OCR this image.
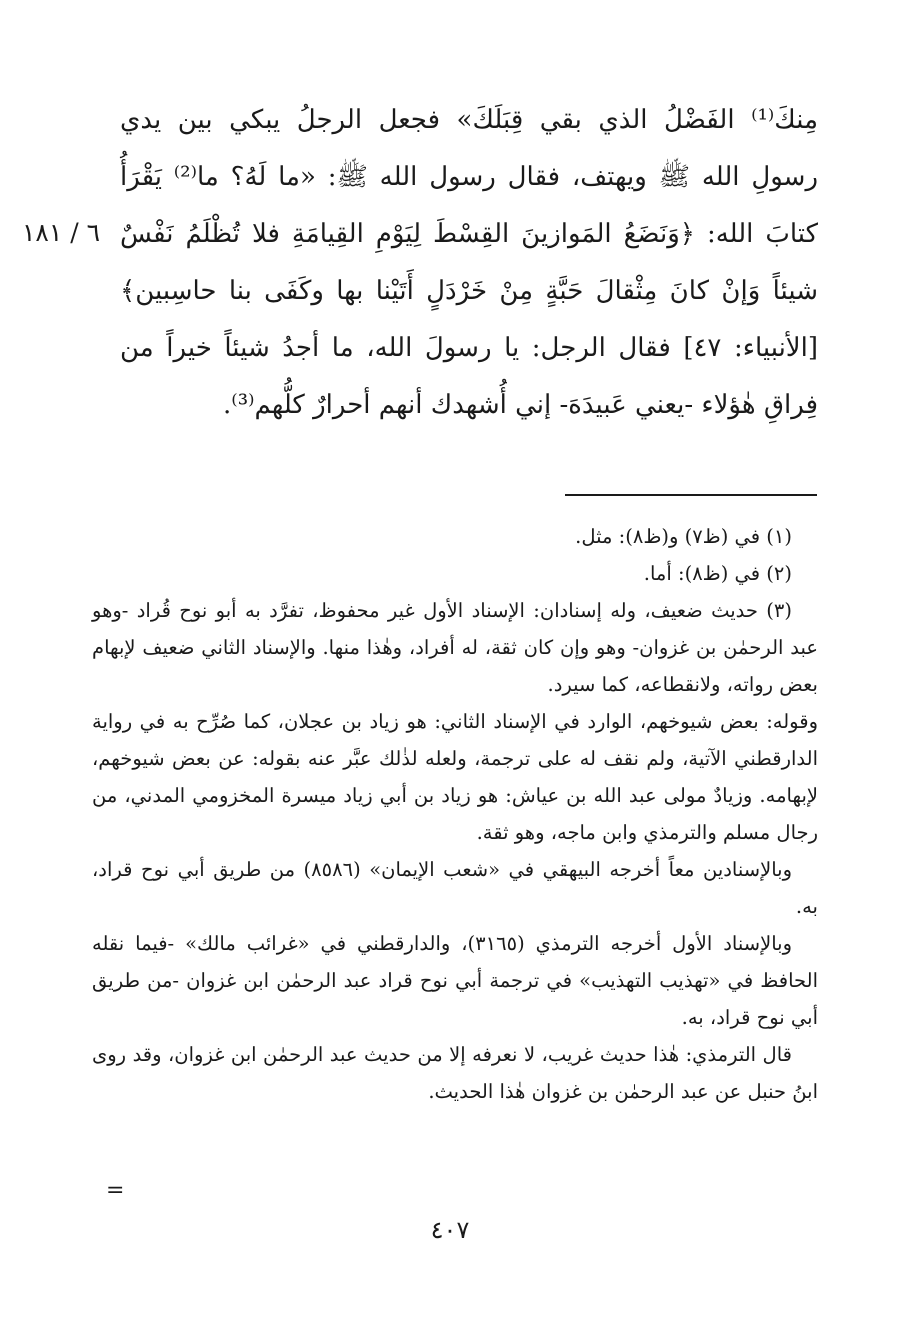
٦ / ١٨١

مِنكَ⁽¹⁾ الفَضْلُ الذي بقي قِبَلَكَ» فجعل الرجلُ يبكي بين يدي رسولِ الله ﷺ ويهتف، فقال رسول الله ﷺ: «ما لَهُ؟ ما⁽²⁾ يَقْرَأُ كتابَ الله: ﴿وَنَضَعُ المَوازينَ القِسْطَ لِيَوْمِ القِيامَةِ فلا تُظْلَمُ نَفْسٌ شيئاً وَإنْ كانَ مِثْقالَ حَبَّةٍ مِنْ خَرْدَلٍ أَتَيْنا بها وكَفَى بنا حاسِبين﴾ [الأنبياء: ٤٧] فقال الرجل: يا رسولَ الله، ما أجدُ شيئاً خيراً من فِراقِ هٰؤلاء -يعني عَبيدَهَ- إني أُشهدك أنهم أحرارٌ كلُّهم⁽³⁾.

(١) في (ظ٧) و(ظ٨): مثل.

(٢) في (ظ٨): أما.

(٣) حديث ضعيف، وله إسنادان: الإسناد الأول غير محفوظ، تفرَّد به أبو نوح قُراد -وهو عبد الرحمٰن بن غزوان- وهو وإن كان ثقة، له أفراد، وهٰذا منها. والإسناد الثاني ضعيف لإبهام بعض رواته، ولانقطاعه، كما سيرد.

وقوله: بعض شيوخهم، الوارد في الإسناد الثاني: هو زياد بن عجلان، كما صُرِّح به في رواية الدارقطني الآتية، ولم نقف له على ترجمة، ولعله لذٰلك عبَّر عنه بقوله: عن بعض شيوخهم، لإبهامه. وزيادٌ مولى عبد الله بن عياش: هو زياد بن أبي زياد ميسرة المخزومي المدني، من رجال مسلم والترمذي وابن ماجه، وهو ثقة.

وبالإسنادين معاً أخرجه البيهقي في «شعب الإيمان» (٨٥٨٦) من طريق أبي نوح قراد، به.

وبالإسناد الأول أخرجه الترمذي (٣١٦٥)، والدارقطني في «غرائب مالك» -فيما نقله الحافظ في «تهذيب التهذيب» في ترجمة أبي نوح قراد عبد الرحمٰن ابن غزوان -من طريق أبي نوح قراد، به.

قال الترمذي: هٰذا حديث غريب، لا نعرفه إلا من حديث عبد الرحمٰن ابن غزوان، وقد روى ابنُ حنبل عن عبد الرحمٰن بن غزوان هٰذا الحديث.

=
٤٠٧
